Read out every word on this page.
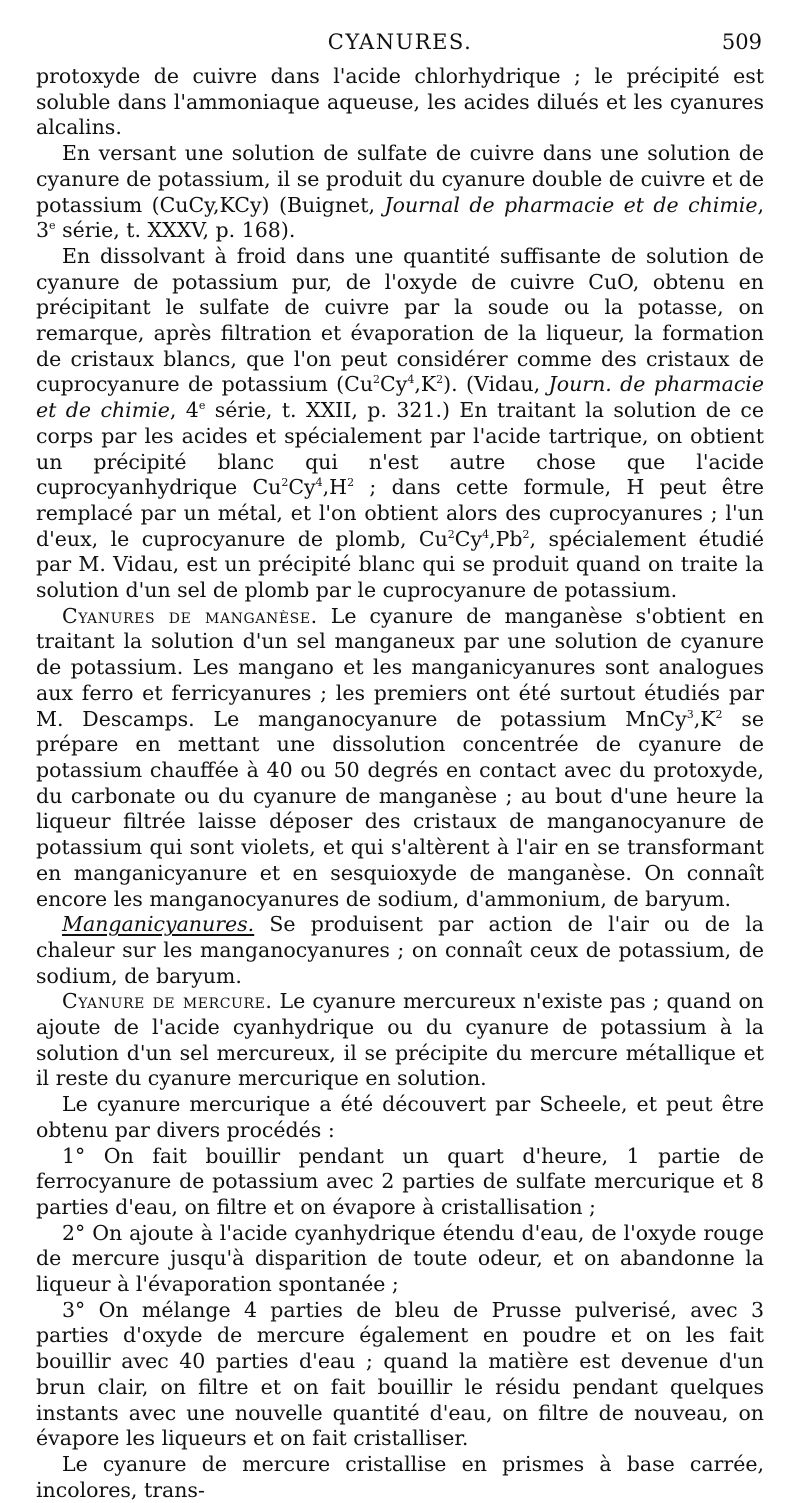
CYANURES.	509

protoxyde de cuivre dans l'acide chlorhydrique ; le précipité est soluble dans l'ammoniaque aqueuse, les acides dilués et les cyanures alcalins.

En versant une solution de sulfate de cuivre dans une solution de cyanure de potassium, il se produit du cyanure double de cuivre et de potassium (CuCy,KCy) (Buignet, Journal de pharmacie et de chimie, 3e série, t. XXXV, p. 168).

En dissolvant à froid dans une quantité suffisante de solution de cyanure de potassium pur, de l'oxyde de cuivre CuO, obtenu en précipitant le sulfate de cuivre par la soude ou la potasse, on remarque, après filtration et évaporation de la liqueur, la formation de cristaux blancs, que l'on peut considérer comme des cristaux de cuprocyanure de potassium $(Cu^2Cy^4,K^2)$. (Vidau, Journ. de pharmacie et de chimie, 4e série, t. XXII, p. 321.) En traitant la solution de ce corps par les acides et spécialement par l'acide tartrique, on obtient un précipité blanc qui n'est autre chose que l'acide cuprocyanhydrique $Cu^2Cy^4,H^2$ ; dans cette formule, H peut être remplacé par un métal, et l'on obtient alors des cuprocyanures ; l'un d'eux, le cuprocyanure de plomb, Cu$^2$Cy$^4$,Pb$^2$, spécialement étudié par M. Vidau, est un précipité blanc qui se produit quand on traite la solution d'un sel de plomb par le cuprocyanure de potassium.

Cyanures de manganèse. Le cyanure de manganèse s'obtient en traitant la solution d'un sel manganeux par une solution de cyanure de potassium. Les mangano et les manganicyanures sont analogues aux ferro et ferricyanures ; les premiers ont été surtout étudiés par M. Descamps. Le manganocyanure de potassium $MnCy^3,K^2$ se prépare en mettant une dissolution concentrée de cyanure de potassium chauffée à 40 ou 50 degrés en contact avec du protoxyde, du carbonate ou du cyanure de manganèse ; au bout d'une heure la liqueur filtrée laisse déposer des cristaux de manganocyanure de potassium qui sont violets, et qui s'altèrent à l'air en se transformant en manganicyanure et en sesquioxyde de manganèse. On connaît encore les manganocyanures de sodium, d'ammonium, de baryum.

Manganicyanures. Se produisent par action de l'air ou de la chaleur sur les manganocyanures ; on connaît ceux de potassium, de sodium, de baryum.

Cyanure de mercure. Le cyanure mercureux n'existe pas ; quand on ajoute de l'acide cyanhydrique ou du cyanure de potassium à la solution d'un sel mercureux, il se précipite du mercure métallique et il reste du cyanure mercurique en solution.

Le cyanure mercurique a été découvert par Scheele, et peut être obtenu par divers procédés :

1° On fait bouillir pendant un quart d'heure, 1 partie de ferrocyanure de potassium avec 2 parties de sulfate mercurique et 8 parties d'eau, on filtre et on évapore à cristallisation ;

2° On ajoute à l'acide cyanhydrique étendu d'eau, de l'oxyde rouge de mercure jusqu'à disparition de toute odeur, et on abandonne la liqueur à l'évaporation spontanée ;

3° On mélange 4 parties de bleu de Prusse pulverisé, avec 3 parties d'oxyde de mercure également en poudre et on les fait bouillir avec 40 parties d'eau ; quand la matière est devenue d'un brun clair, on filtre et on fait bouillir le résidu pendant quelques instants avec une nouvelle quantité d'eau, on filtre de nouveau, on évapore les liqueurs et on fait cristalliser.

Le cyanure de mercure cristallise en prismes à base carrée, incolores, trans-
